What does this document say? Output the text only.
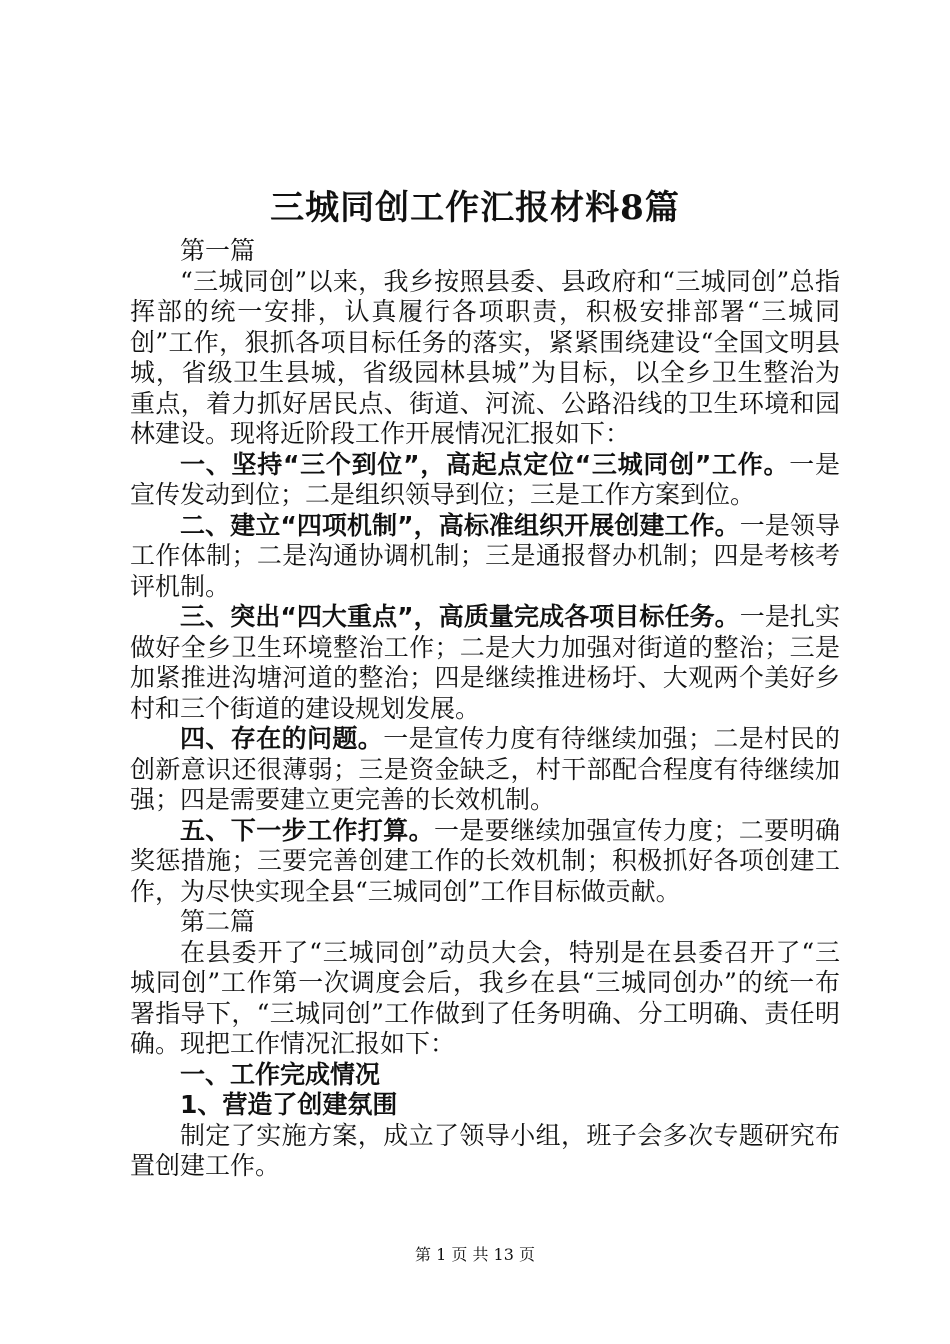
三城同创工作汇报材料8篇

第一篇

“三城同创”以来，我乡按照县委、县政府和“三城同创”总指挥部的统一安排，认真履行各项职责，积极安排部署“三城同创”工作，狠抓各项目标任务的落实，紧紧围绕建设“全国文明县城，省级卫生县城，省级园林县城”为目标，以全乡卫生整治为重点，着力抓好居民点、街道、河流、公路沿线的卫生环境和园林建设。现将近阶段工作开展情况汇报如下：

一、坚持“三个到位”，高起点定位“三城同创”工作。一是宣传发动到位；二是组织领导到位；三是工作方案到位。

二、建立“四项机制”，高标准组织开展创建工作。一是领导工作体制；二是沟通协调机制；三是通报督办机制；四是考核考评机制。

三、突出“四大重点”，高质量完成各项目标任务。一是扎实做好全乡卫生环境整治工作；二是大力加强对街道的整治；三是加紧推进沟塘河道的整治；四是继续推进杨圩、大观两个美好乡村和三个街道的建设规划发展。

四、存在的问题。一是宣传力度有待继续加强；二是村民的创新意识还很薄弱；三是资金缺乏，村干部配合程度有待继续加强；四是需要建立更完善的长效机制。

五、下一步工作打算。一是要继续加强宣传力度；二要明确奖惩措施；三要完善创建工作的长效机制；积极抓好各项创建工作，为尽快实现全县“三城同创”工作目标做贡献。

第二篇

在县委开了“三城同创”动员大会，特别是在县委召开了“三城同创”工作第一次调度会后，我乡在县“三城同创办”的统一布署指导下，“三城同创”工作做到了任务明确、分工明确、责任明确。现把工作情况汇报如下：

一、工作完成情况

1、营造了创建氛围

制定了实施方案，成立了领导小组，班子会多次专题研究布置创建工作。

第 1 页 共 13 页
